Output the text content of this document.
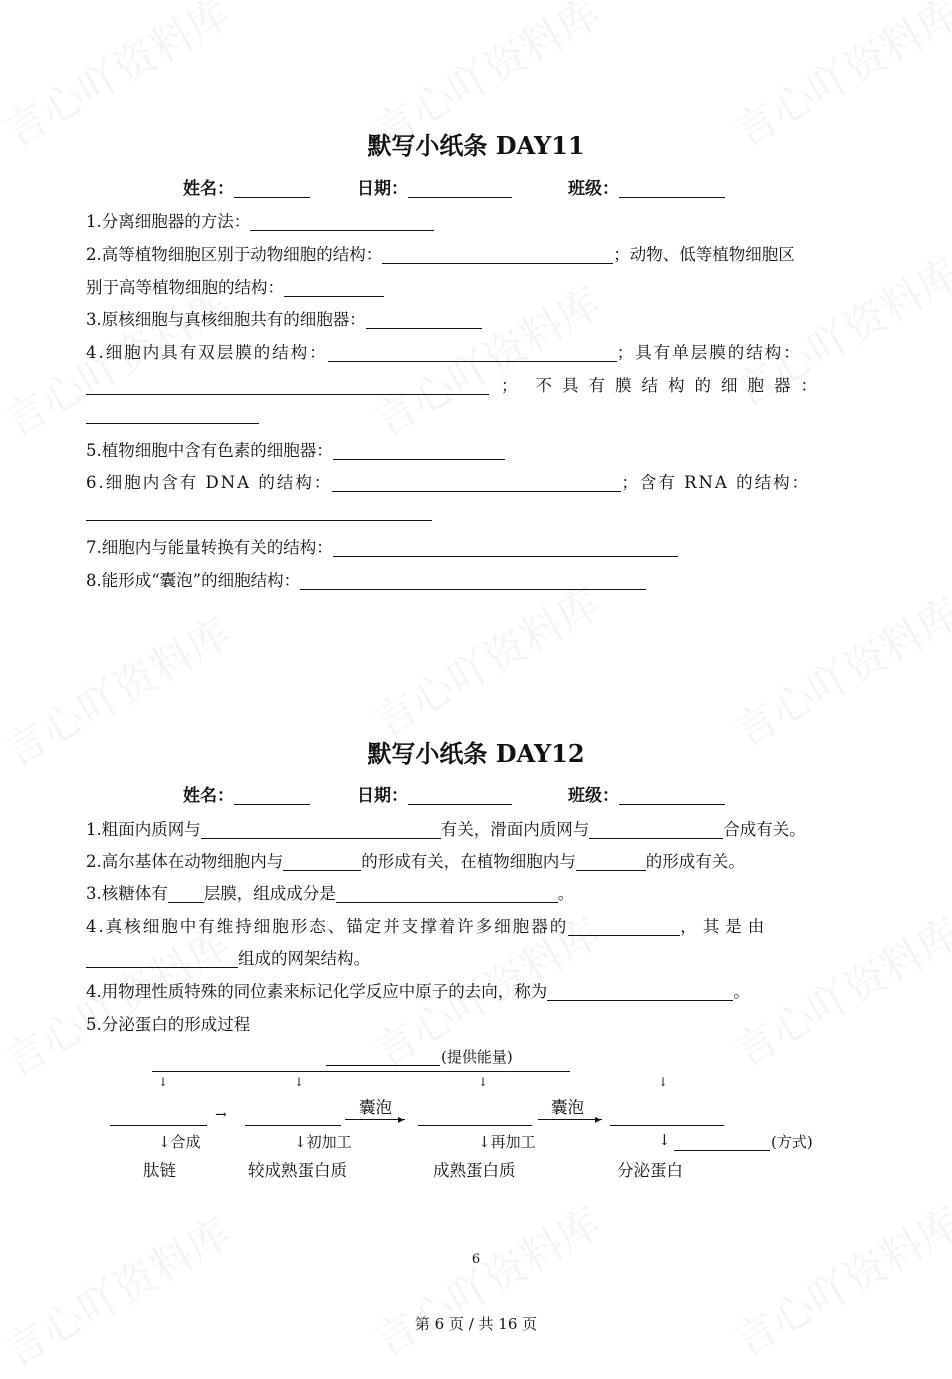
默写小纸条 DAY11
姓名：	日期：	班级：
1.分离细胞器的方法：
2.高等植物细胞区别于动物细胞的结构：	；动物、低等植物细胞区
别于高等植物细胞的结构：
3.原核细胞与真核细胞共有的细胞器：
4.细胞内具有双层膜的结构：	；具有单层膜的结构：
； 不具有膜结构的细胞器：
5.植物细胞中含有色素的细胞器：
6.细胞内含有 DNA 的结构：	；含有 RNA 的结构：
7.细胞内与能量转换有关的结构：
8.能形成“囊泡”的细胞结构：
默写小纸条 DAY12
姓名：	日期：	班级：
1.粗面内质网与	有关，滑面内质网与	合成有关。
2.高尔基体在动物细胞内与	的形成有关，在植物细胞内与	的形成有关。
3.核糖体有 层膜，组成成分是	。
4.真核细胞中有维持细胞形态、锚定并支撑着许多细胞器的	，其是由
组成的网架结构。
4.用物理性质特殊的同位素来标记化学反应中原子的去向，称为	。
5.分泌蛋白的形成过程
(提供能量)
↓	↓	↓	↓
→	囊泡
▸
囊泡
▸
↓合成	↓初加工	↓再加工	↓	(方式)
肽链	较成熟蛋白质	成熟蛋白质	分泌蛋白
6
第 6 页 / 共 16 页
